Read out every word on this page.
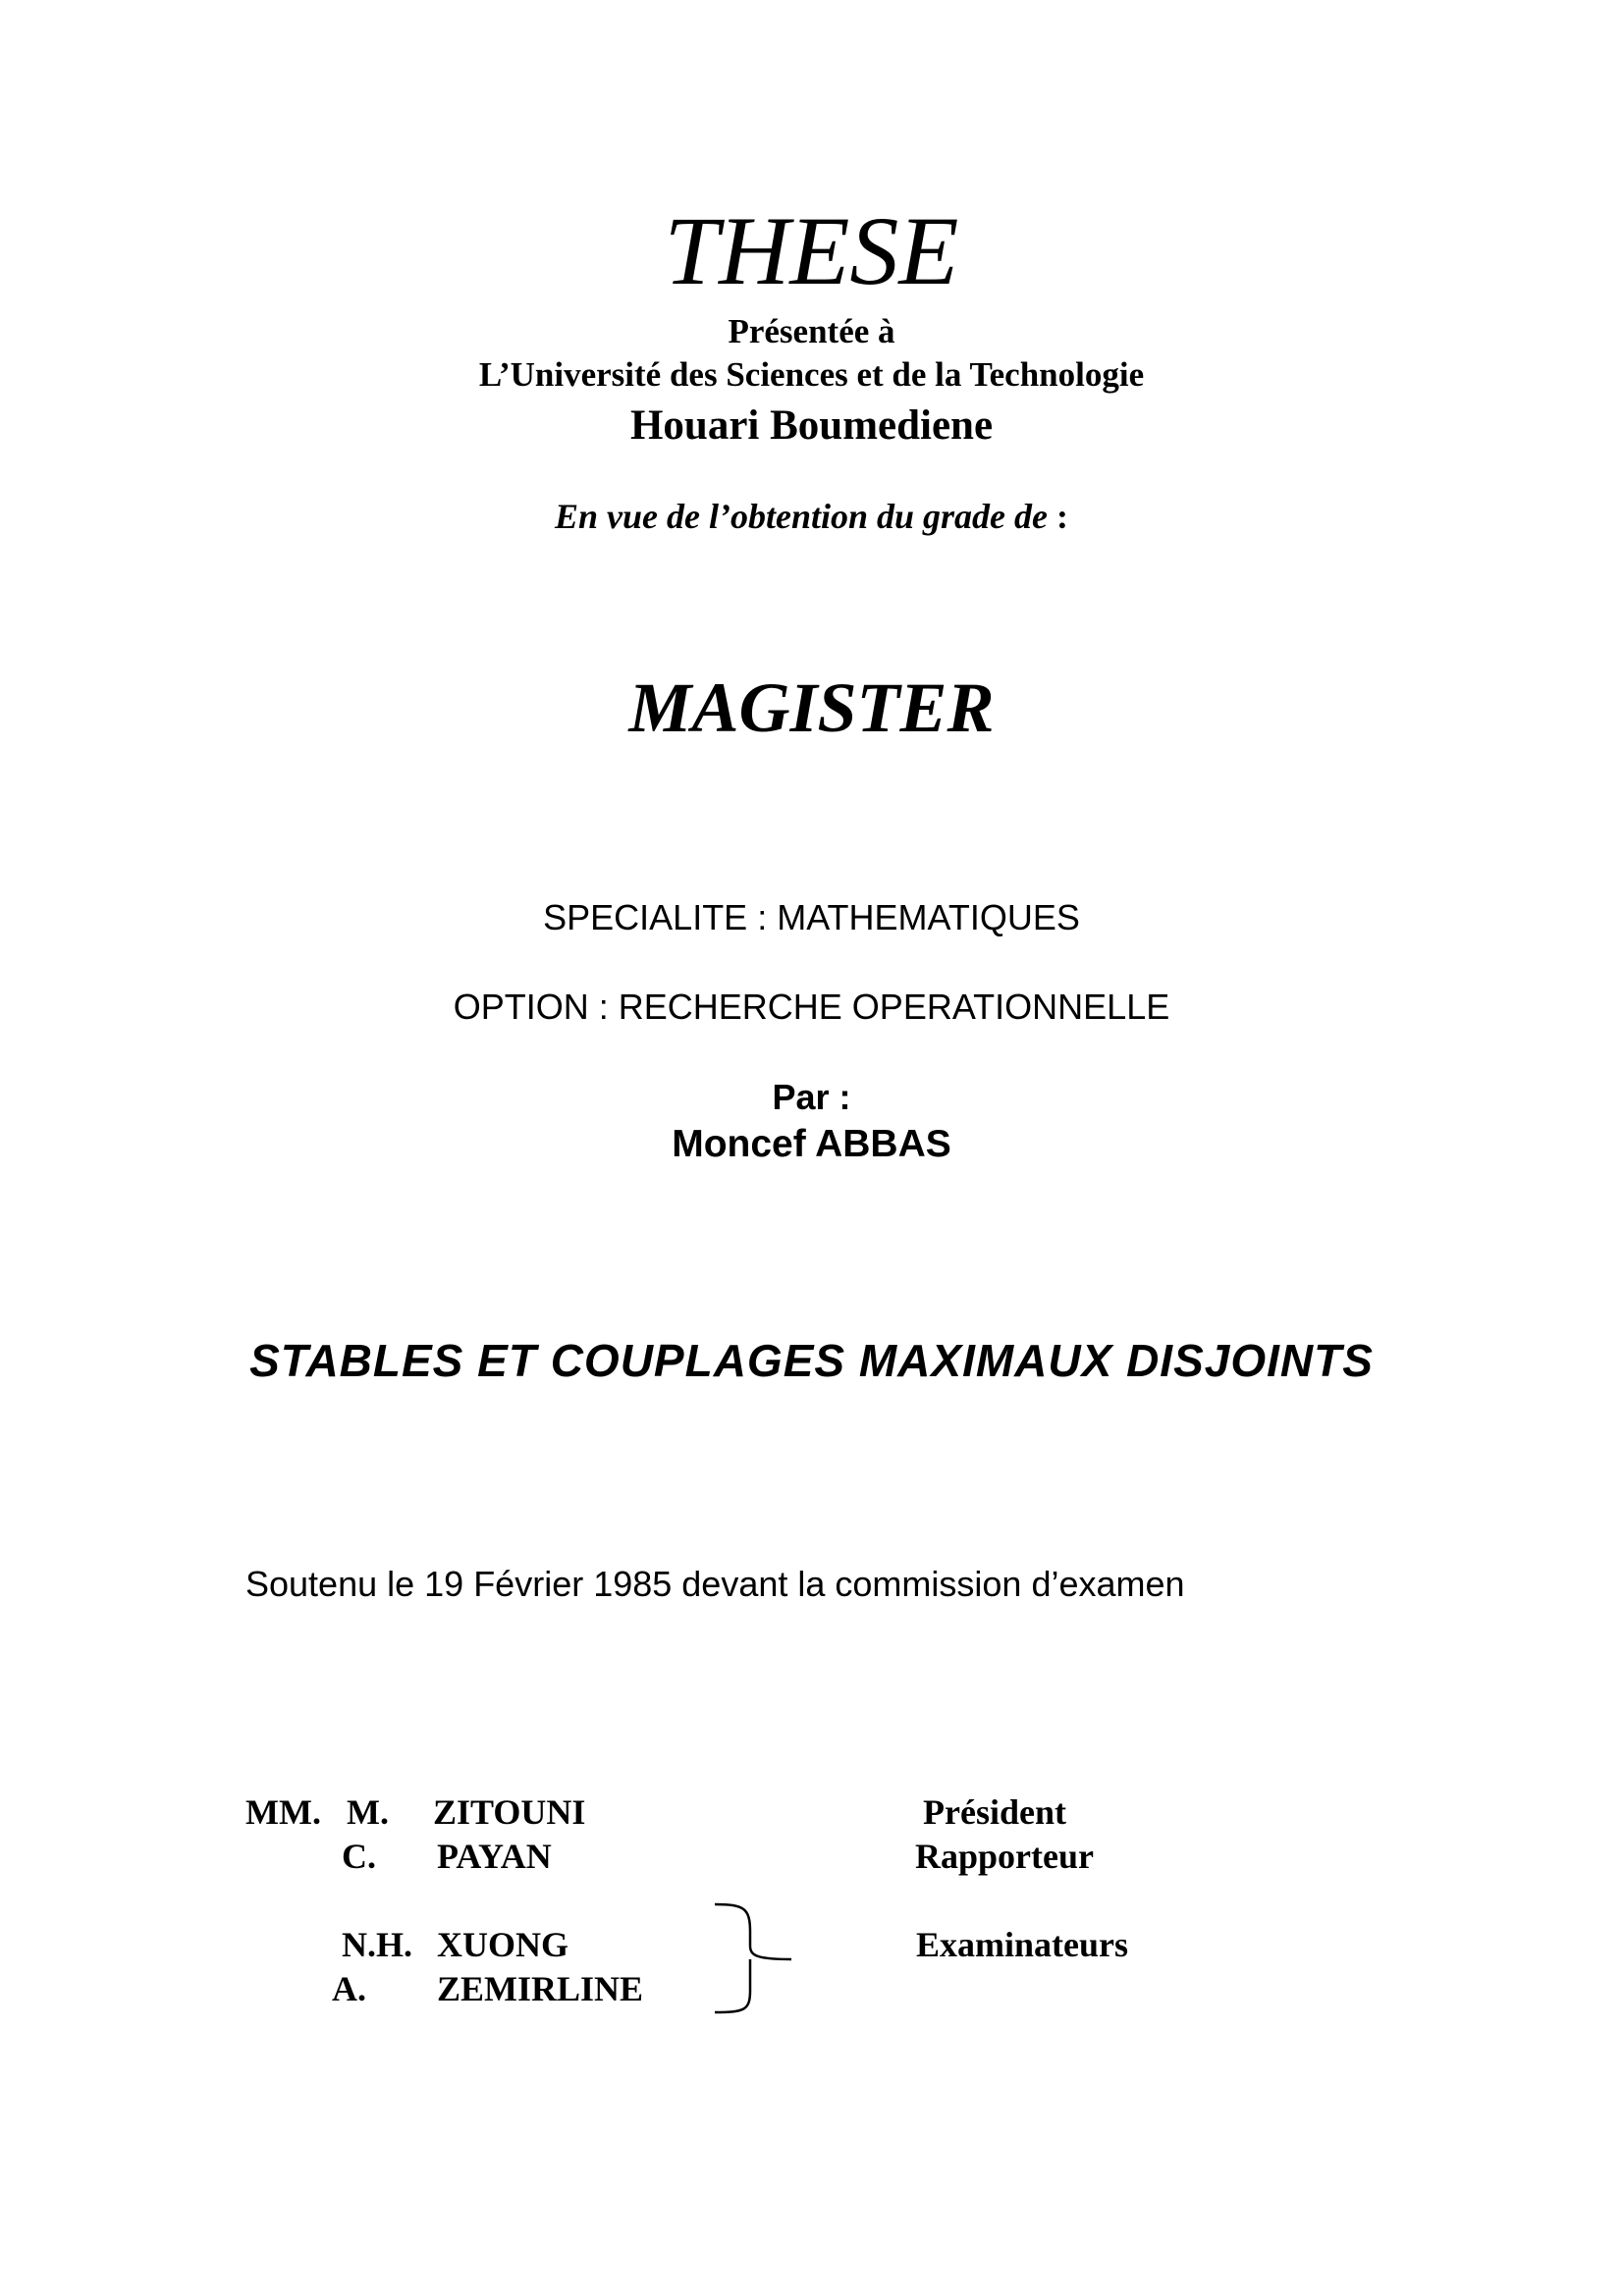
THESE
Présentée à
L’Université des Sciences et de la Technologie
Houari Boumediene
En vue de l’obtention du grade de :
MAGISTER
SPECIALITE : MATHEMATIQUES
OPTION : RECHERCHE OPERATIONNELLE
Par :
Moncef ABBAS
STABLES ET COUPLAGES MAXIMAUX DISJOINTS
Soutenu le 19 Février 1985 devant la commission d’examen
MM. M. ZITOUNI	Président
C. PAYAN	Rapporteur
N.H. XUONG	Examinateurs
A. ZEMIRLINE
